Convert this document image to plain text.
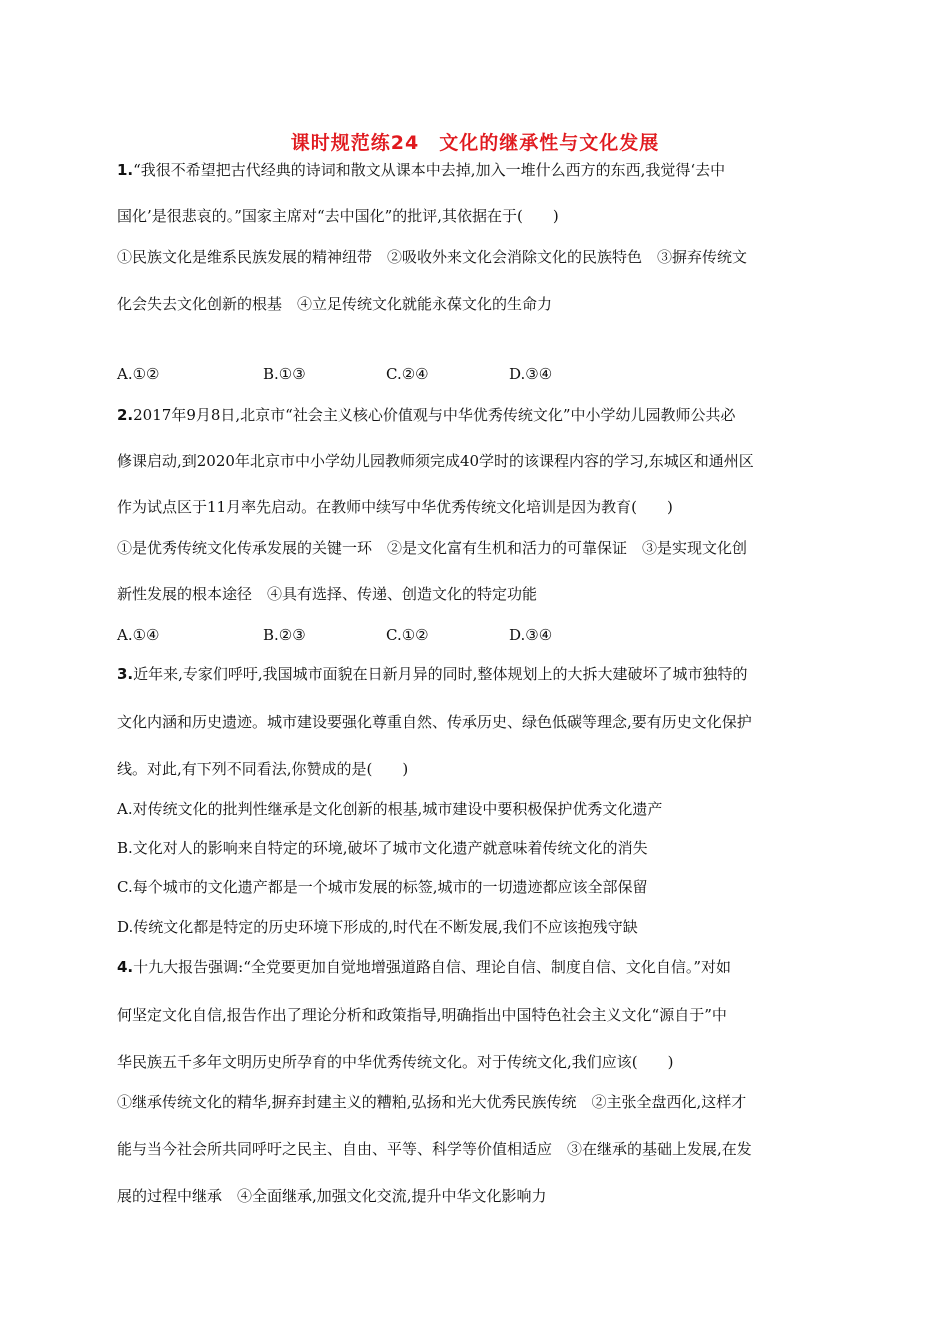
课时规范练24　文化的继承性与文化发展
1.“我很不希望把古代经典的诗词和散文从课本中去掉,加入一堆什么西方的东西,我觉得‘去中
国化’是很悲哀的。”国家主席对“去中国化”的批评,其依据在于(　　)
①民族文化是维系民族发展的精神纽带　②吸收外来文化会消除文化的民族特色　③摒弃传统文
化会失去文化创新的根基　④立足传统文化就能永葆文化的生命力
A.①②	B.①③	C.②④	D.③④
2.2017年9月8日,北京市“社会主义核心价值观与中华优秀传统文化”中小学幼儿园教师公共必
修课启动,到2020年北京市中小学幼儿园教师须完成40学时的该课程内容的学习,东城区和通州区
作为试点区于11月率先启动。在教师中续写中华优秀传统文化培训是因为教育(　　)
①是优秀传统文化传承发展的关键一环　②是文化富有生机和活力的可靠保证　③是实现文化创
新性发展的根本途径　④具有选择、传递、创造文化的特定功能
A.①④	B.②③	C.①②	D.③④
3.近年来,专家们呼吁,我国城市面貌在日新月异的同时,整体规划上的大拆大建破坏了城市独特的
文化内涵和历史遗迹。城市建设要强化尊重自然、传承历史、绿色低碳等理念,要有历史文化保护
线。对此,有下列不同看法,你赞成的是(　　)
A.对传统文化的批判性继承是文化创新的根基,城市建设中要积极保护优秀文化遗产
B.文化对人的影响来自特定的环境,破坏了城市文化遗产就意味着传统文化的消失
C.每个城市的文化遗产都是一个城市发展的标签,城市的一切遗迹都应该全部保留
D.传统文化都是特定的历史环境下形成的,时代在不断发展,我们不应该抱残守缺
4.十九大报告强调:“全党要更加自觉地增强道路自信、理论自信、制度自信、文化自信。”对如
何坚定文化自信,报告作出了理论分析和政策指导,明确指出中国特色社会主义文化“源自于”中
华民族五千多年文明历史所孕育的中华优秀传统文化。对于传统文化,我们应该(　　)
①继承传统文化的精华,摒弃封建主义的糟粕,弘扬和光大优秀民族传统　②主张全盘西化,这样才
能与当今社会所共同呼吁之民主、自由、平等、科学等价值相适应　③在继承的基础上发展,在发
展的过程中继承　④全面继承,加强文化交流,提升中华文化影响力
